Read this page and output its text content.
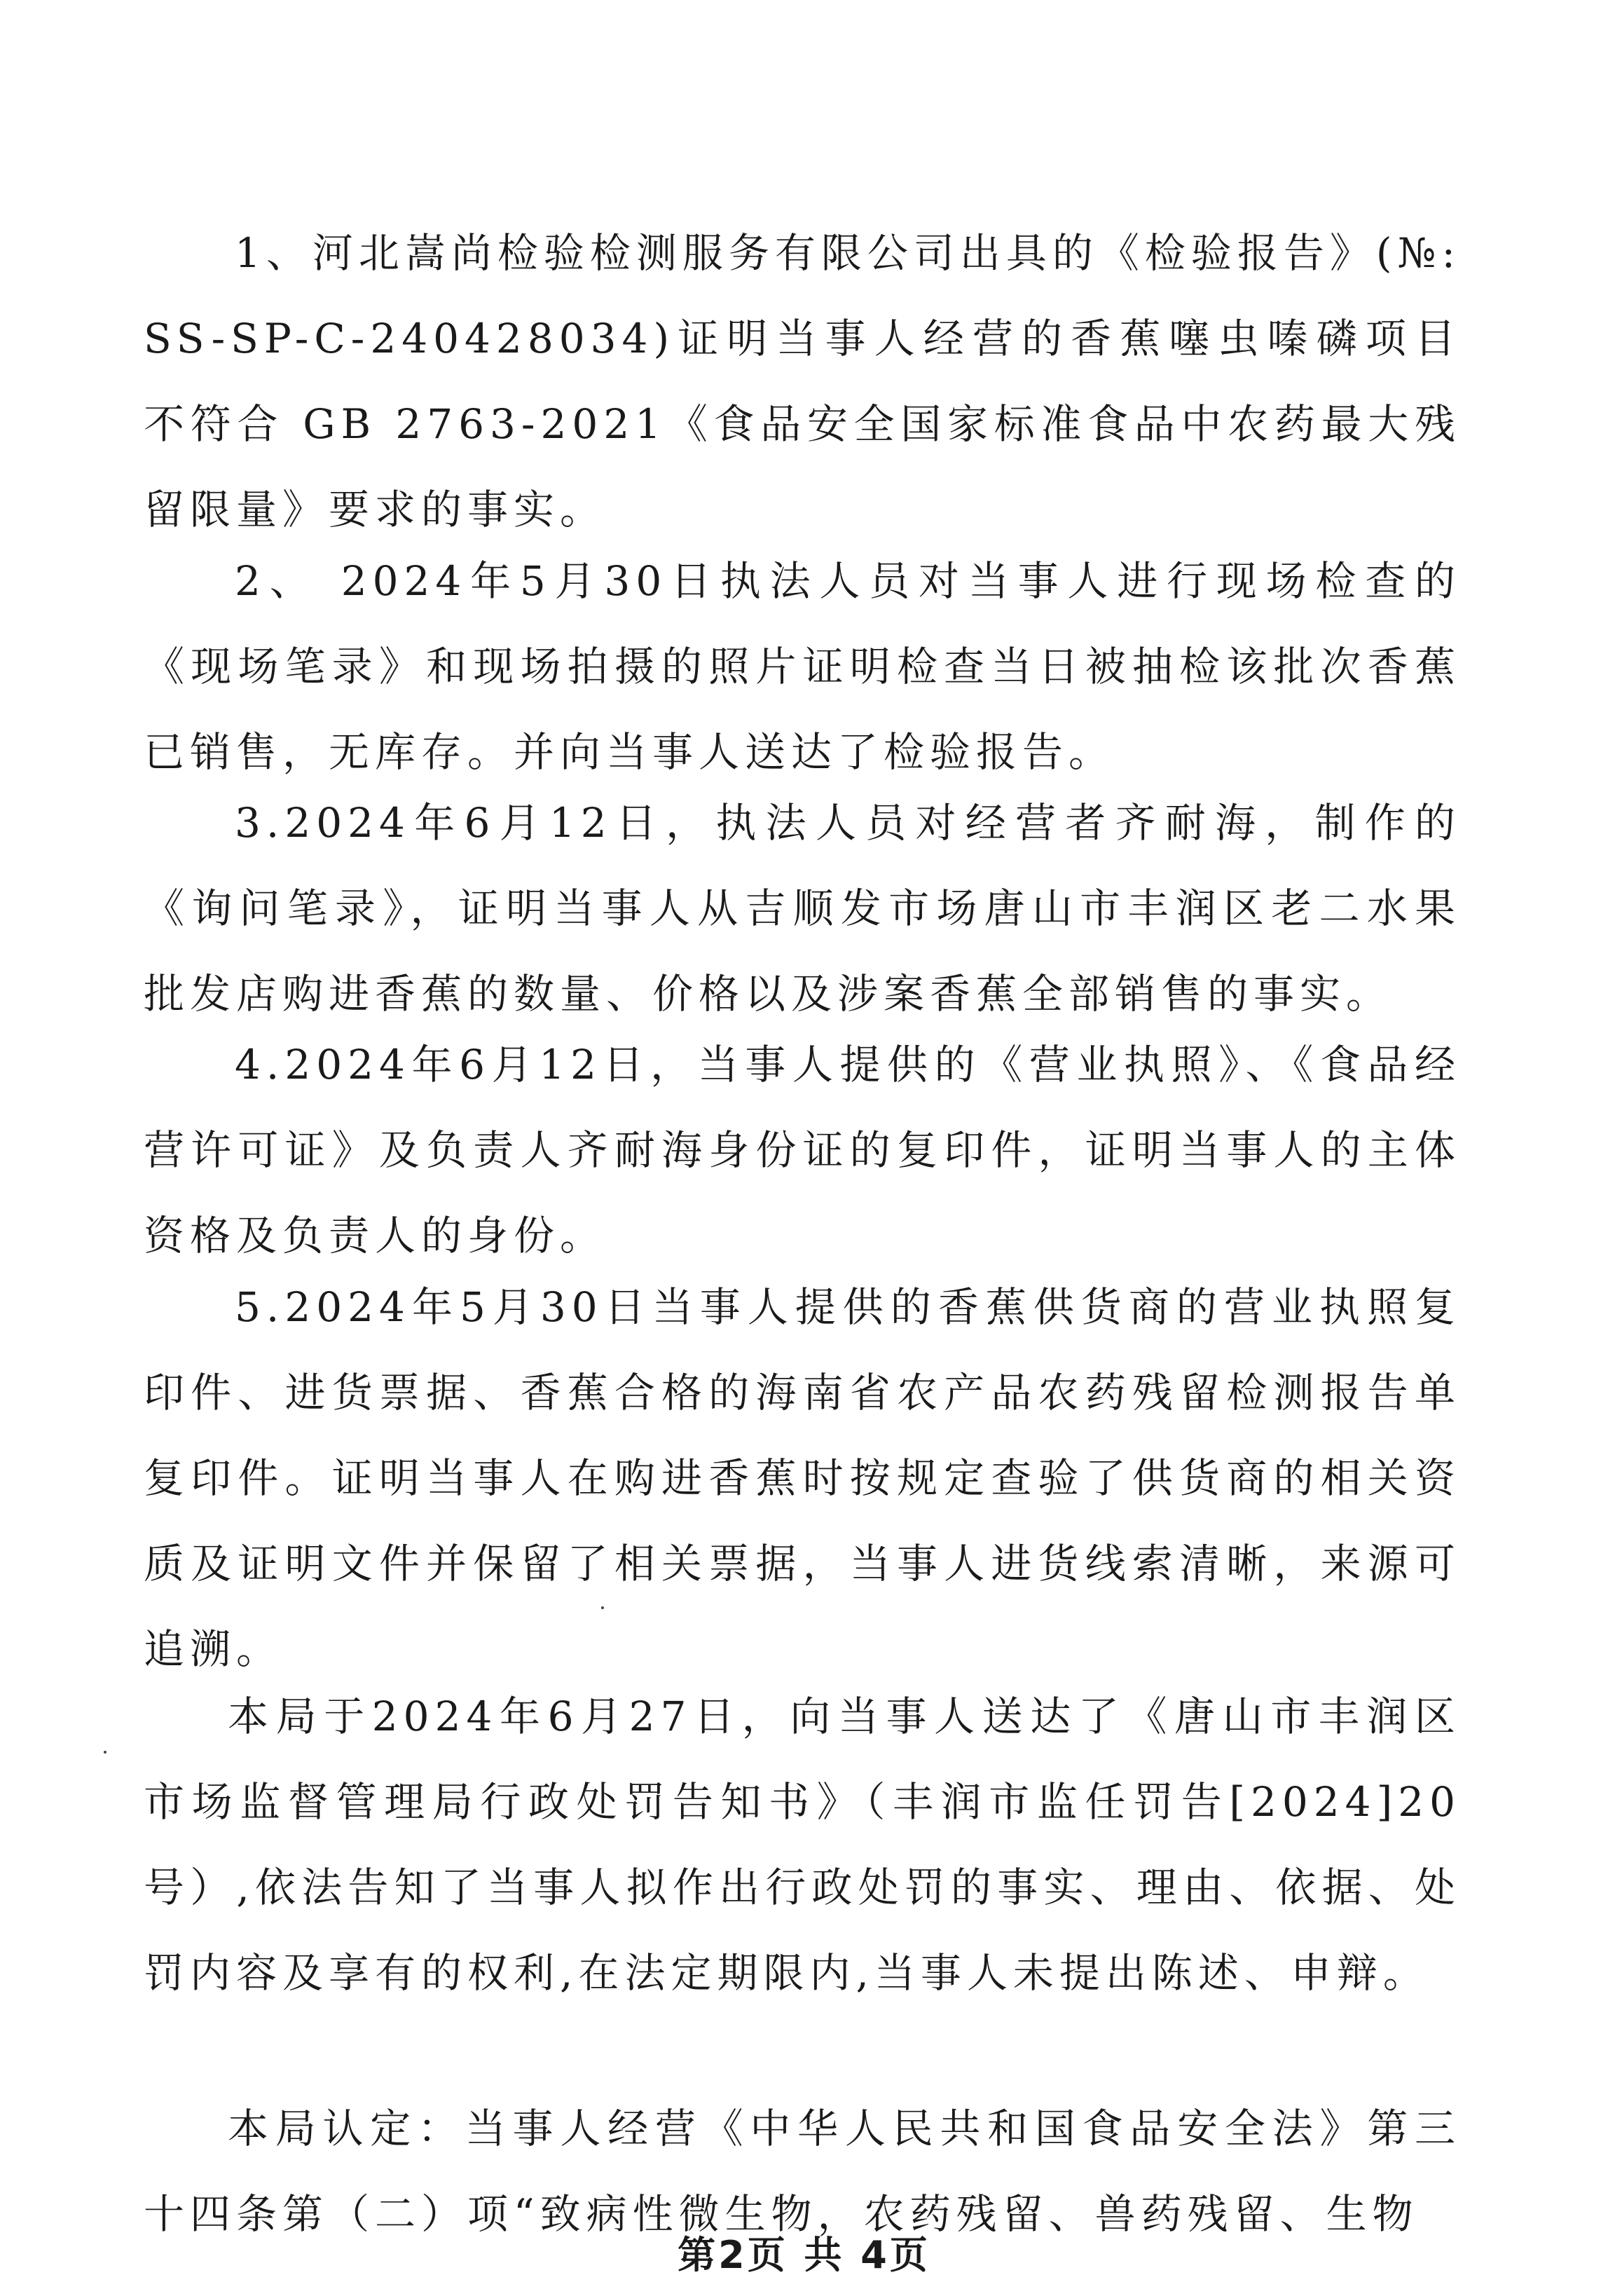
1、河北嵩尚检验检测服务有限公司出具的《检验报告》(№:SS-SP-C-240428034)证明当事人经营的香蕉噻虫嗪磷项目不符合 GB 2763-2021《食品安全国家标准食品中农药最大残留限量》要求的事实。

2、 2024年5月30日执法人员对当事人进行现场检查的《现场笔录》和现场拍摄的照片证明检查当日被抽检该批次香蕉已销售，无库存。并向当事人送达了检验报告。

3.2024年6月12日，执法人员对经营者齐耐海，制作的《询问笔录》，证明当事人从吉顺发市场唐山市丰润区老二水果批发店购进香蕉的数量、价格以及涉案香蕉全部销售的事实。

4.2024年6月12日，当事人提供的《营业执照》、《食品经营许可证》及负责人齐耐海身份证的复印件，证明当事人的主体资格及负责人的身份。

5.2024年5月30日当事人提供的香蕉供货商的营业执照复印件、进货票据、香蕉合格的海南省农产品农药残留检测报告单复印件。证明当事人在购进香蕉时按规定查验了供货商的相关资质及证明文件并保留了相关票据，当事人进货线索清晰，来源可追溯。

本局于2024年6月27日，向当事人送达了《唐山市丰润区市场监督管理局行政处罚告知书》（丰润市监任罚告[2024]20号）,依法告知了当事人拟作出行政处罚的事实、理由、依据、处罚内容及享有的权利,在法定期限内,当事人未提出陈述、申辩。

本局认定：当事人经营《中华人民共和国食品安全法》第三十四条第（二）项“致病性微生物，农药残留、兽药残留、生物

第2页 共 4页
